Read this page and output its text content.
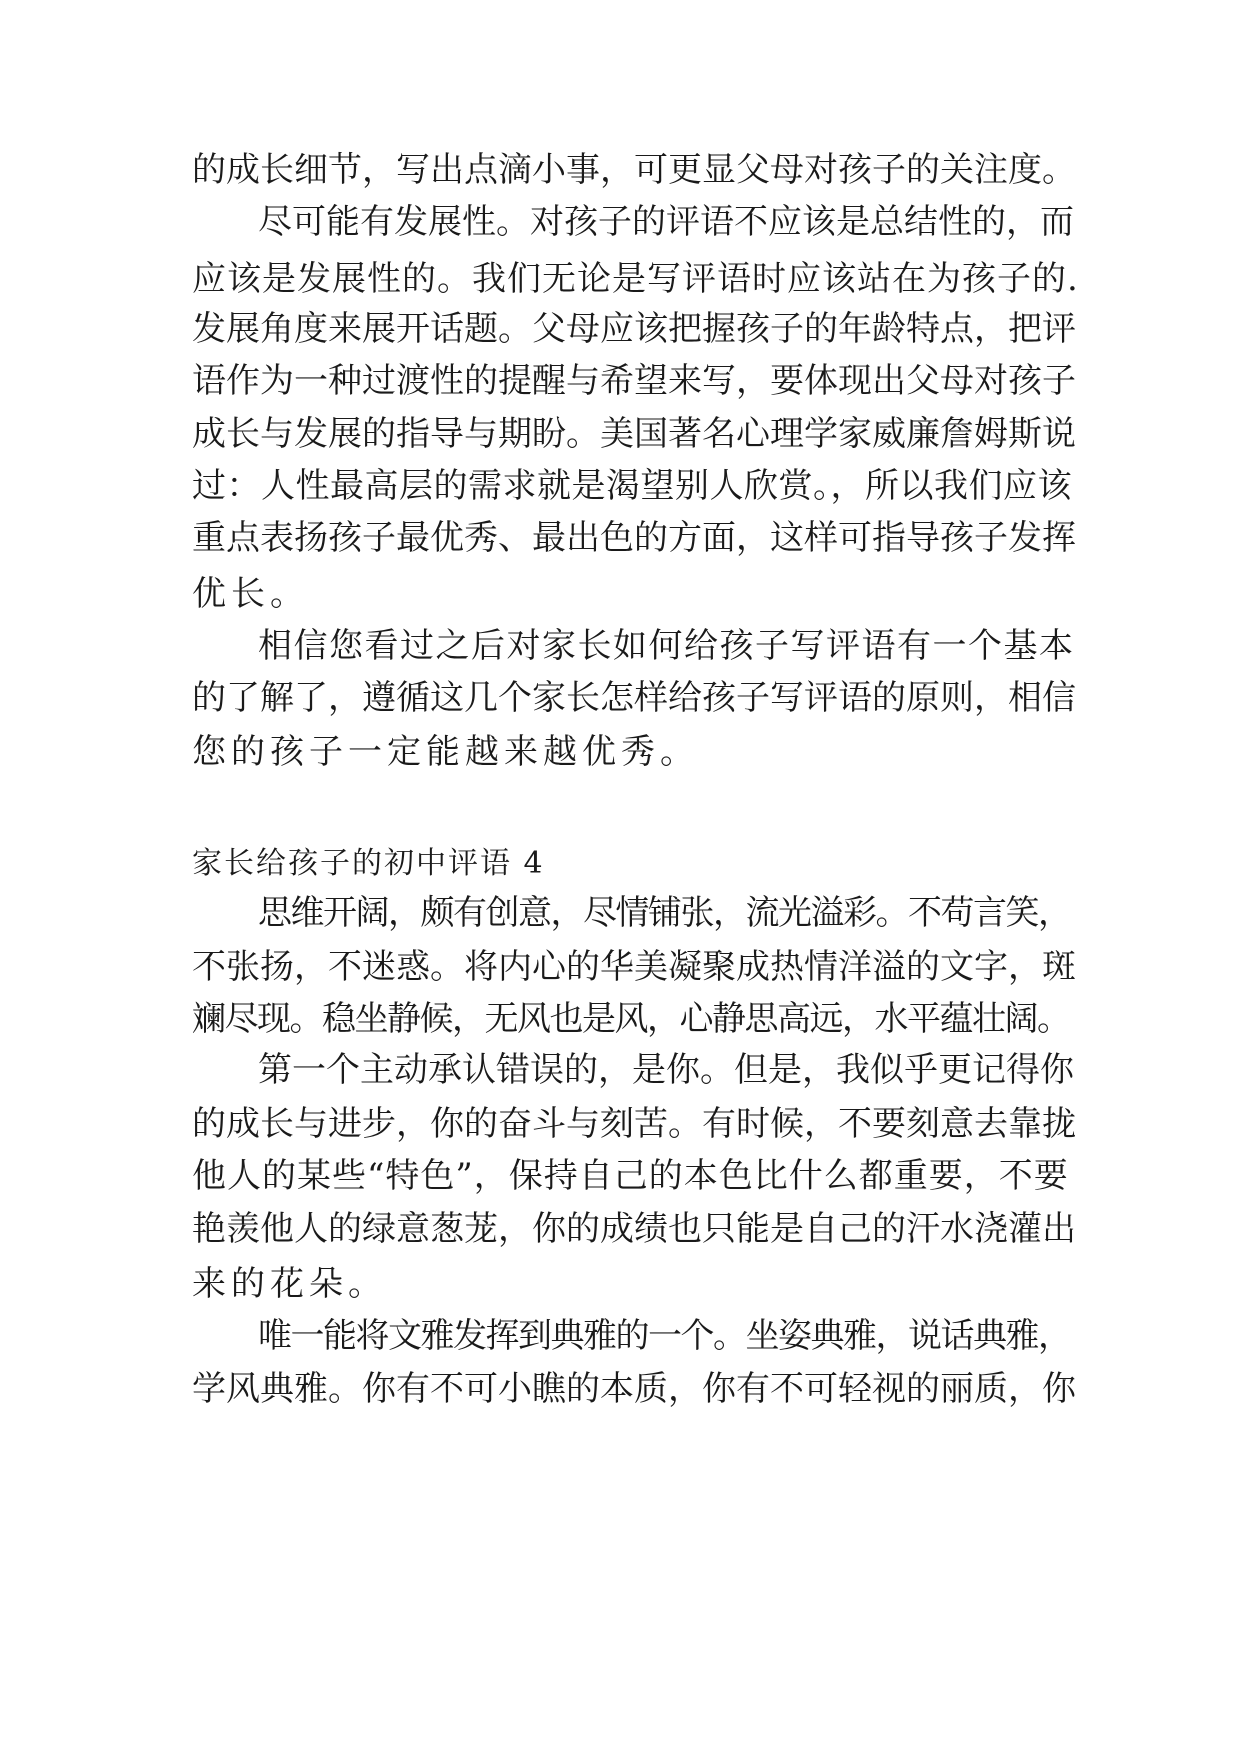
的成长细节，写出点滴小事，可更显父母对孩子的关注度。
尽可能有发展性。对孩子的评语不应该是总结性的，而
应该是发展性的。我们无论是写评语时应该站在为孩子的.
发展角度来展开话题。父母应该把握孩子的年龄特点，把评
语作为一种过渡性的提醒与希望来写，要体现出父母对孩子
成长与发展的指导与期盼。美国著名心理学家威廉詹姆斯说
过：人性最高层的需求就是渴望别人欣赏。，所以我们应该
重点表扬孩子最优秀、最出色的方面，这样可指导孩子发挥
优长。
相信您看过之后对家长如何给孩子写评语有一个基本
的了解了，遵循这几个家长怎样给孩子写评语的原则，相信
您的孩子一定能越来越优秀。
家长给孩子的初中评语 4
思维开阔，颇有创意，尽情铺张，流光溢彩。不苟言笑，
不张扬，不迷惑。将内心的华美凝聚成热情洋溢的文字，斑
斓尽现。稳坐静候，无风也是风，心静思高远，水平蕴壮阔。
第一个主动承认错误的，是你。但是，我似乎更记得你
的成长与进步，你的奋斗与刻苦。有时候，不要刻意去靠拢
他人的某些“特色”，保持自己的本色比什么都重要，不要
艳羡他人的绿意葱茏，你的成绩也只能是自己的汗水浇灌出
来的花朵。
唯一能将文雅发挥到典雅的一个。坐姿典雅，说话典雅，
学风典雅。你有不可小瞧的本质，你有不可轻视的丽质，你
